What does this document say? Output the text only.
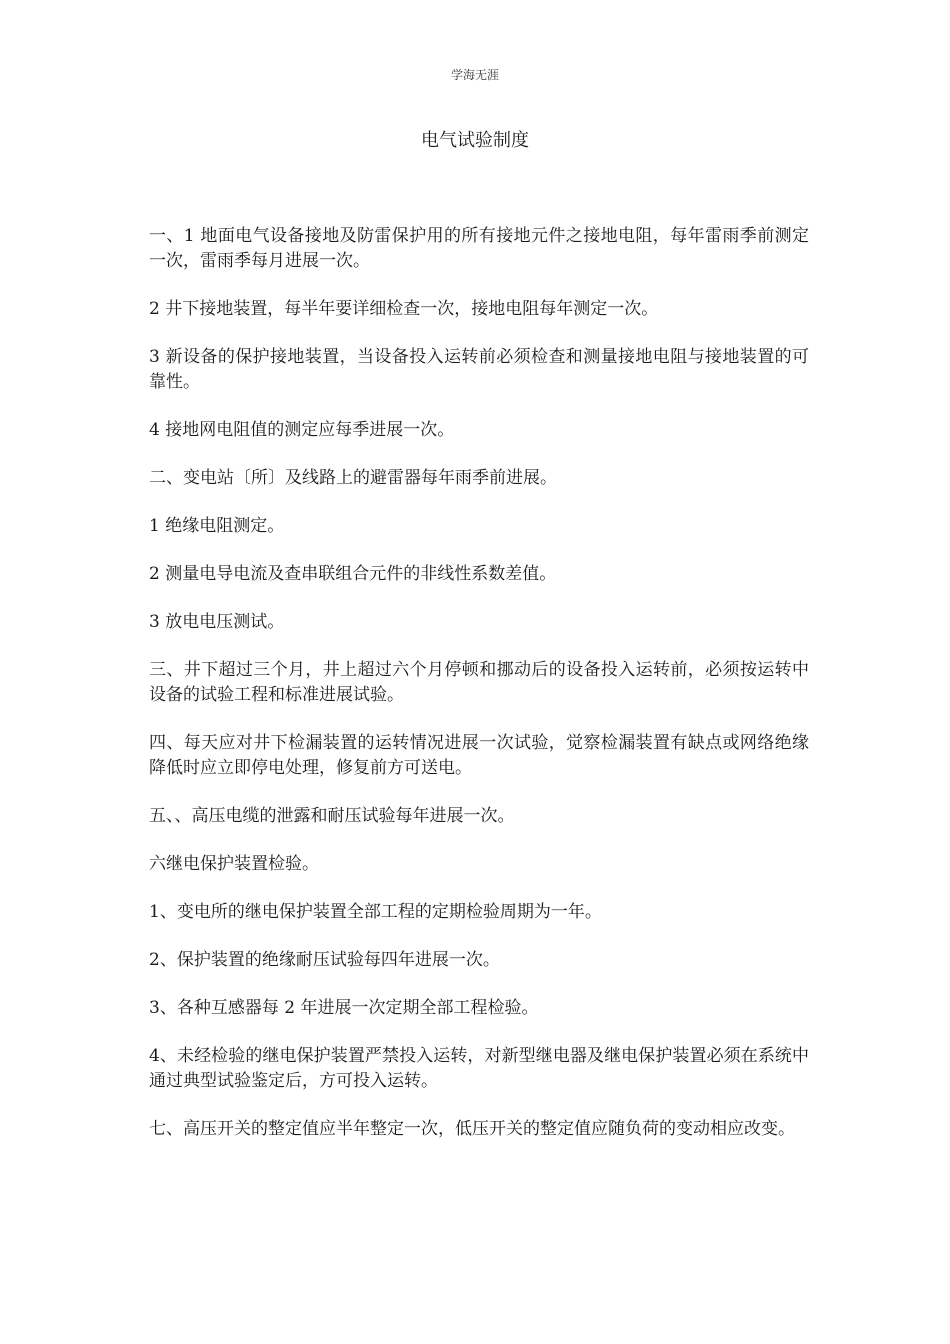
学海无涯
电气试验制度

一、1 地面电气设备接地及防雷保护用的所有接地元件之接地电阻，每年雷雨季前测定一次，雷雨季每月进展一次。

2 井下接地装置，每半年要详细检查一次，接地电阻每年测定一次。

3 新设备的保护接地装置，当设备投入运转前必须检查和测量接地电阻与接地装置的可靠性。

4 接地网电阻值的测定应每季进展一次。

二、变电站〔所〕及线路上的避雷器每年雨季前进展。

1 绝缘电阻测定。

2 测量电导电流及查串联组合元件的非线性系数差值。

3 放电电压测试。

三、井下超过三个月，井上超过六个月停顿和挪动后的设备投入运转前，必须按运转中设备的试验工程和标准进展试验。

四、每天应对井下检漏装置的运转情况进展一次试验，觉察检漏装置有缺点或网络绝缘降低时应立即停电处理，修复前方可送电。

五、、高压电缆的泄露和耐压试验每年进展一次。

六继电保护装置检验。

1、变电所的继电保护装置全部工程的定期检验周期为一年。

2、保护装置的绝缘耐压试验每四年进展一次。

3、各种互感器每 2 年进展一次定期全部工程检验。

4、未经检验的继电保护装置严禁投入运转，对新型继电器及继电保护装置必须在系统中通过典型试验鉴定后，方可投入运转。

七、高压开关的整定值应半年整定一次，低压开关的整定值应随负荷的变动相应改变。
